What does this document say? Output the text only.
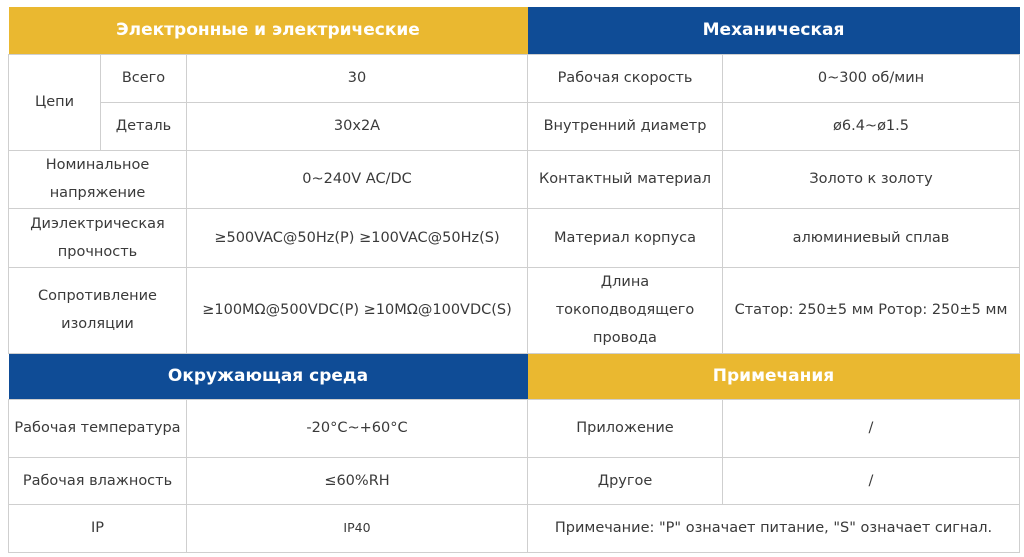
Электронные и электрические			Механическая	
Цепи	Всего	30	Рабочая скорость	0~300 об/мин
	Деталь	30x2A	Внутренний диаметр	ø6.4~ø1.5
Номинальное напряжение		0~240V AC/DC	Контактный материал	Золото к золоту
Диэлектрическая прочность		≥500VAC@50Hz(P) ≥100VAC@50Hz(S)	Материал корпуса	алюминиевый сплав
Сопротивление изоляции		≥100MΩ@500VDC(P) ≥10MΩ@100VDC(S)	Длина токоподводящего провода	Статор: 250±5 мм Ротор: 250±5 мм
Окружающая среда			Примечания	
Рабочая температура		-20°C~+60°C	Приложение	/
Рабочая влажность		≤60%RH	Другое	/
IP		IP40	Примечание: "P" означает питание, "S" означает сигнал.	
